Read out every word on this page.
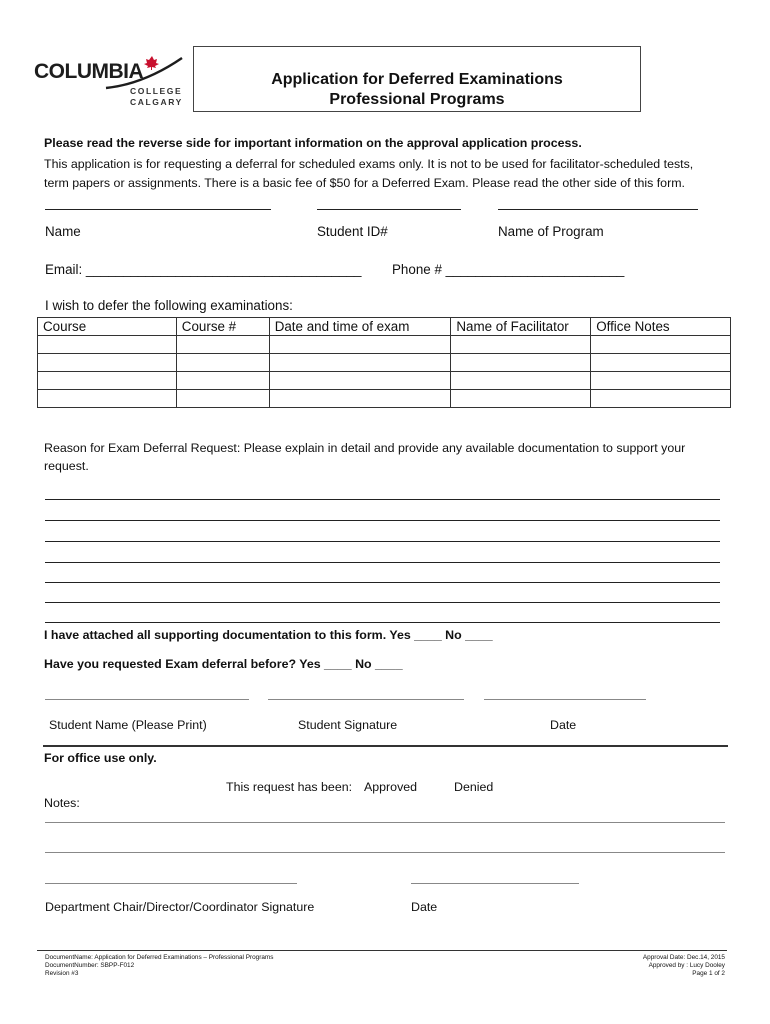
COLUMBIA
COLLEGE
CALGARY
Application for Deferred Examinations
Professional Programs
Please read the reverse side for important information on the approval application process.
This application is for requesting a deferral for scheduled exams only. It is not to be used for facilitator-scheduled tests,
term papers or assignments. There is a basic fee of $50 for a Deferred Exam. Please read the other side of this form.
Name	Student ID#	Name of Program
Email: _____________________________________ Phone # ________________________
I wish to defer the following examinations:
Course	Course #	Date and time of exam	Name of Facilitator	Office Notes

Reason for Exam Deferral Request: Please explain in detail and provide any available documentation to support your
request.
I have attached all supporting documentation to this form. Yes ____ No ____
Have you requested Exam deferral before? Yes ____ No ____
Student Name (Please Print)	Student Signature	Date
For office use only.
This request has been: Approved	Denied
Notes:
Department Chair/Director/Coordinator Signature	Date
DocumentName: Application for Deferred Examinations – Professional Programs
DocumentNumber: SBPP-F012
Revision #3
Approval Date: Dec.14, 2015
Approved by : Lucy Dooley
Page 1 of 2
